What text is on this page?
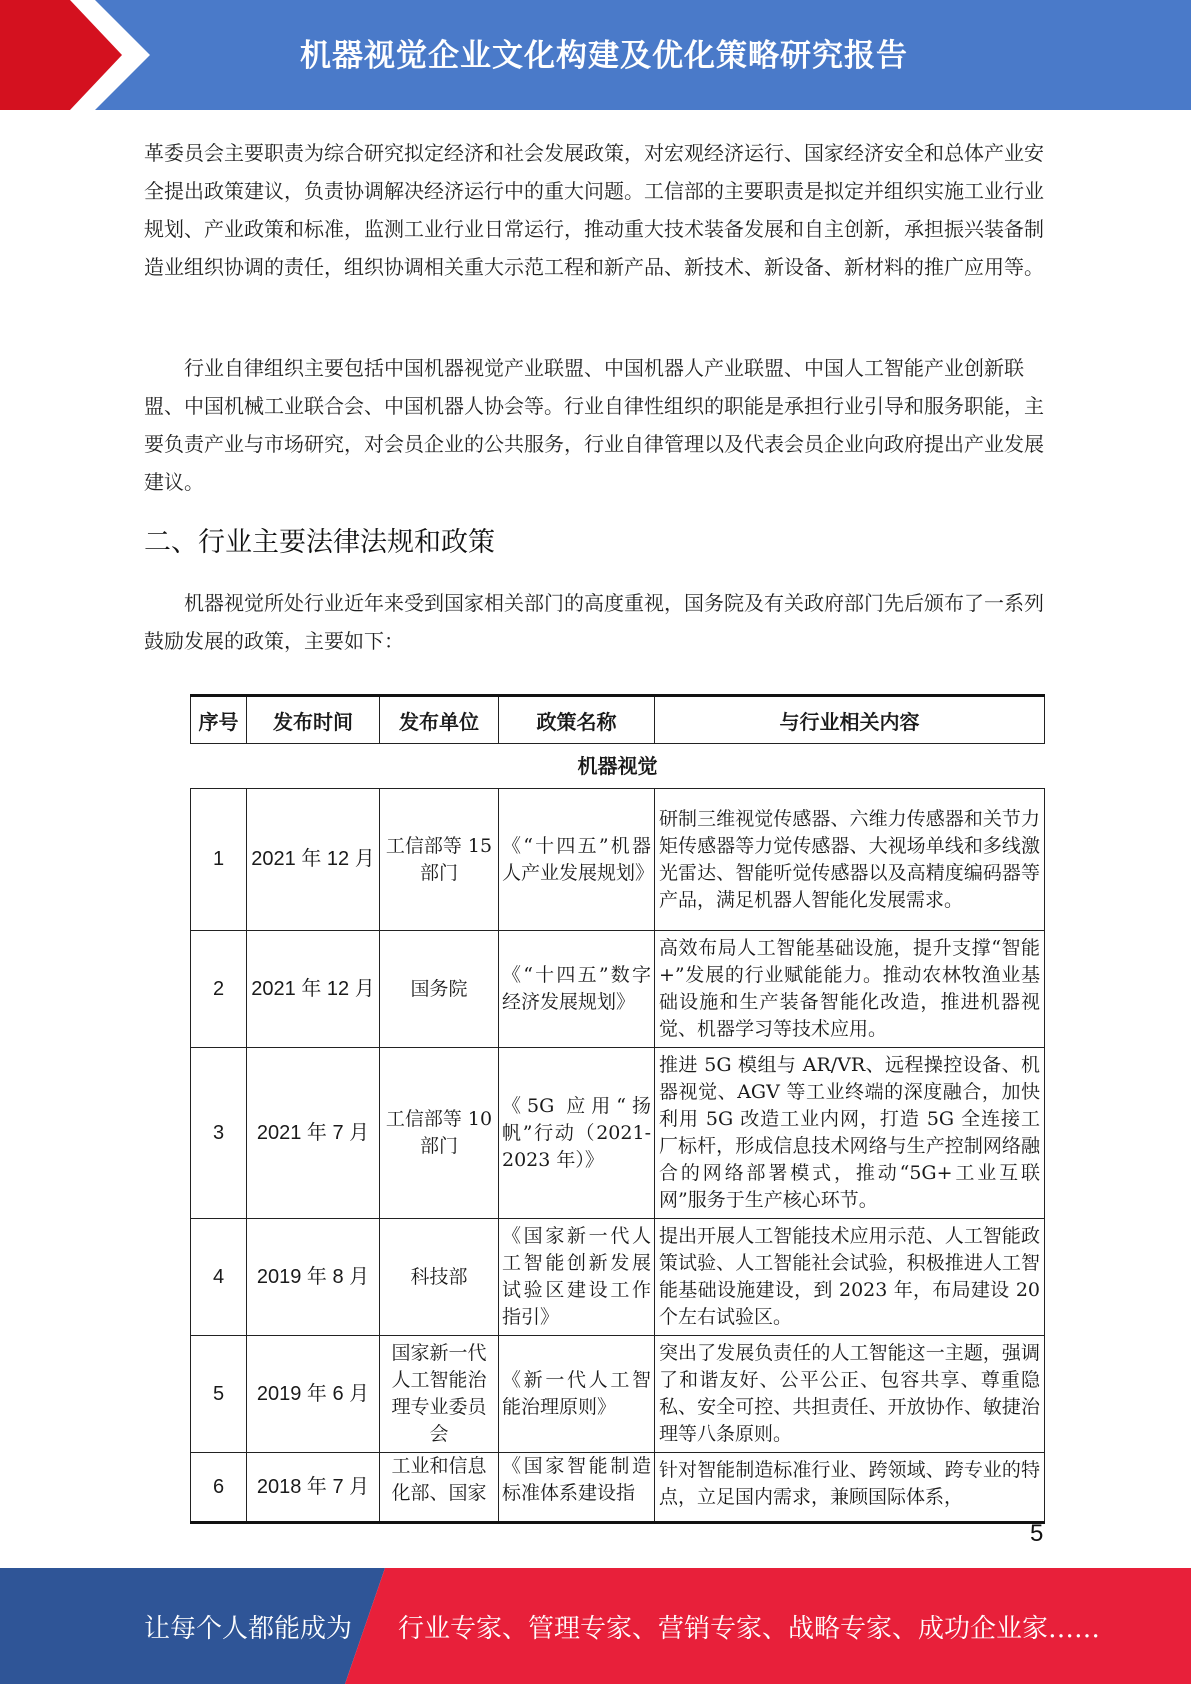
机器视觉企业文化构建及优化策略研究报告
革委员会主要职责为综合研究拟定经济和社会发展政策，对宏观经济运行、国家经济安全和总体产业安全提出政策建议，负责协调解决经济运行中的重大问题。工信部的主要职责是拟定并组织实施工业行业规划、产业政策和标准，监测工业行业日常运行，推动重大技术装备发展和自主创新，承担振兴装备制造业组织协调的责任，组织协调相关重大示范工程和新产品、新技术、新设备、新材料的推广应用等。
行业自律组织主要包括中国机器视觉产业联盟、中国机器人产业联盟、中国人工智能产业创新联盟、中国机械工业联合会、中国机器人协会等。行业自律性组织的职能是承担行业引导和服务职能，主要负责产业与市场研究，对会员企业的公共服务，行业自律管理以及代表会员企业向政府提出产业发展建议。
二、行业主要法律法规和政策
机器视觉所处行业近年来受到国家相关部门的高度重视，国务院及有关政府部门先后颁布了一系列鼓励发展的政策，主要如下：
序号	发布时间	发布单位	政策名称	与行业相关内容
机器视觉				
1	2021 年 12 月	工信部等 15 部门	《“十四五”机器人产业发展规划》	研制三维视觉传感器、六维力传感器和关节力矩传感器等力觉传感器、大视场单线和多线激光雷达、智能听觉传感器以及高精度编码器等产品，满足机器人智能化发展需求。
2	2021 年 12 月	国务院	《“十四五”数字经济发展规划》	高效布局人工智能基础设施，提升支撑“智能+”发展的行业赋能能力。推动农林牧渔业基础设施和生产装备智能化改造，推进机器视觉、机器学习等技术应用。
3	2021 年 7 月	工信部等 10 部门	《5G 应用“扬帆”行动（2021-2023 年）》	推进 5G 模组与 AR/VR、远程操控设备、机器视觉、AGV 等工业终端的深度融合，加快利用 5G 改造工业内网，打造 5G 全连接工厂标杆，形成信息技术网络与生产控制网络融合的网络部署模式，推动“5G+工业互联网”服务于生产核心环节。
4	2019 年 8 月	科技部	《国家新一代人工智能创新发展试验区建设工作指引》	提出开展人工智能技术应用示范、人工智能政策试验、人工智能社会试验，积极推进人工智能基础设施建设，到 2023 年，布局建设 20 个左右试验区。
5	2019 年 6 月	国家新一代人工智能治理专业委员会	《新一代人工智能治理原则》	突出了发展负责任的人工智能这一主题，强调了和谐友好、公平公正、包容共享、尊重隐私、安全可控、共担责任、开放协作、敏捷治理等八条原则。
6	2018 年 7 月	工业和信息化部、国家	《国家智能制造标准体系建设指	针对智能制造标准行业、跨领域、跨专业的特点，立足国内需求，兼顾国际体系，
5
让每个人都能成为 行业专家、管理专家、营销专家、战略专家、成功企业家……
